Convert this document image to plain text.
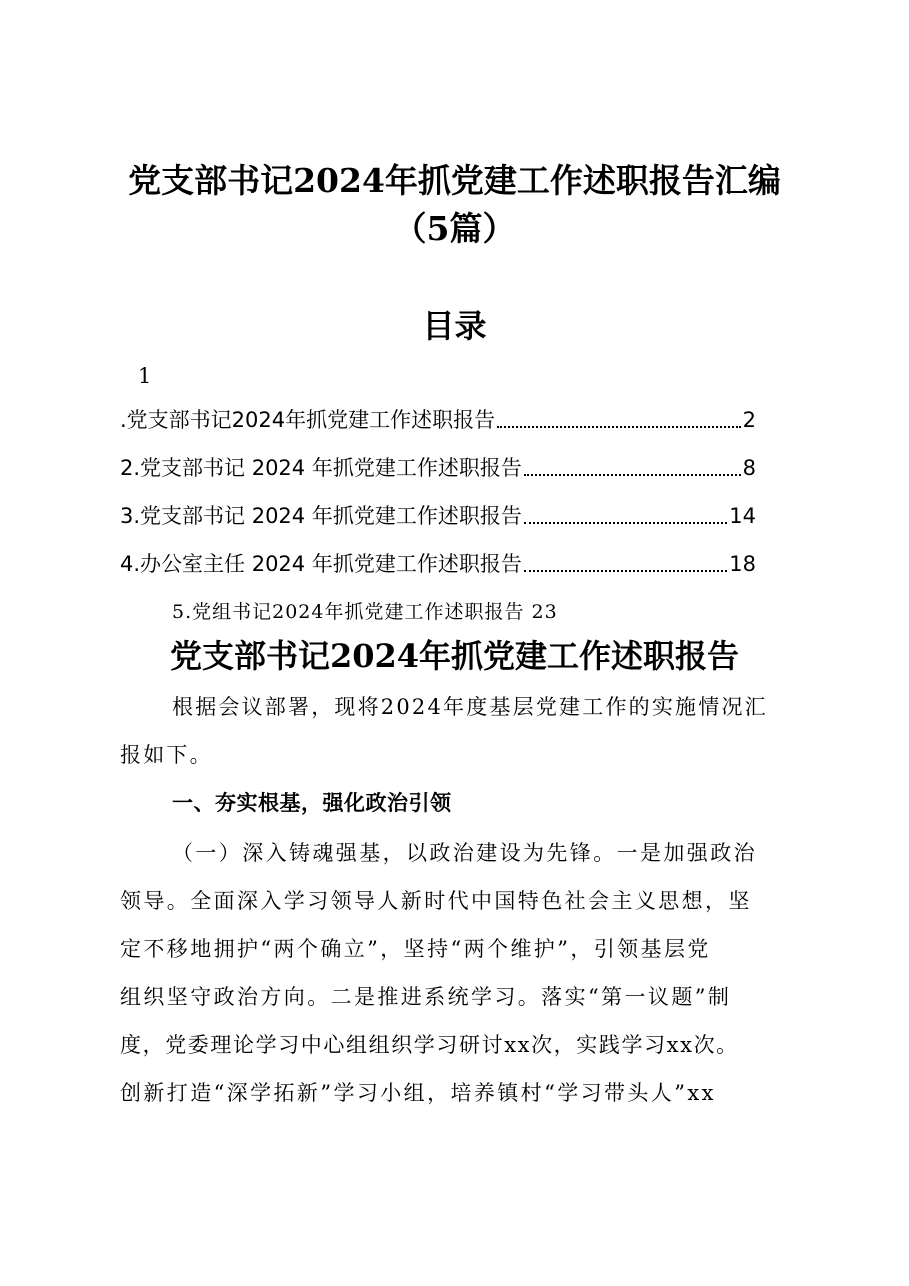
党支部书记2024年抓党建工作述职报告汇编
（5篇）
目录
1
.党支部书记2024年抓党建工作述职报告	2
2.党支部书记 2024 年抓党建工作述职报告	8
3.党支部书记 2024 年抓党建工作述职报告	14
4.办公室主任 2024 年抓党建工作述职报告	18
5.党组书记2024年抓党建工作述职报告 23
党支部书记2024年抓党建工作述职报告
根据会议部署，现将2024年度基层党建工作的实施情况汇
报如下。
一、夯实根基，强化政治引领
（一）深入铸魂强基，以政治建设为先锋。一是加强政治
领导。全面深入学习领导人新时代中国特色社会主义思想，坚
定不移地拥护“两个确立”，坚持“两个维护”，引领基层党
组织坚守政治方向。二是推进系统学习。落实“第一议题”制
度，党委理论学习中心组组织学习研讨xx次，实践学习xx次。
创新打造“深学拓新”学习小组，培养镇村“学习带头人”xx
